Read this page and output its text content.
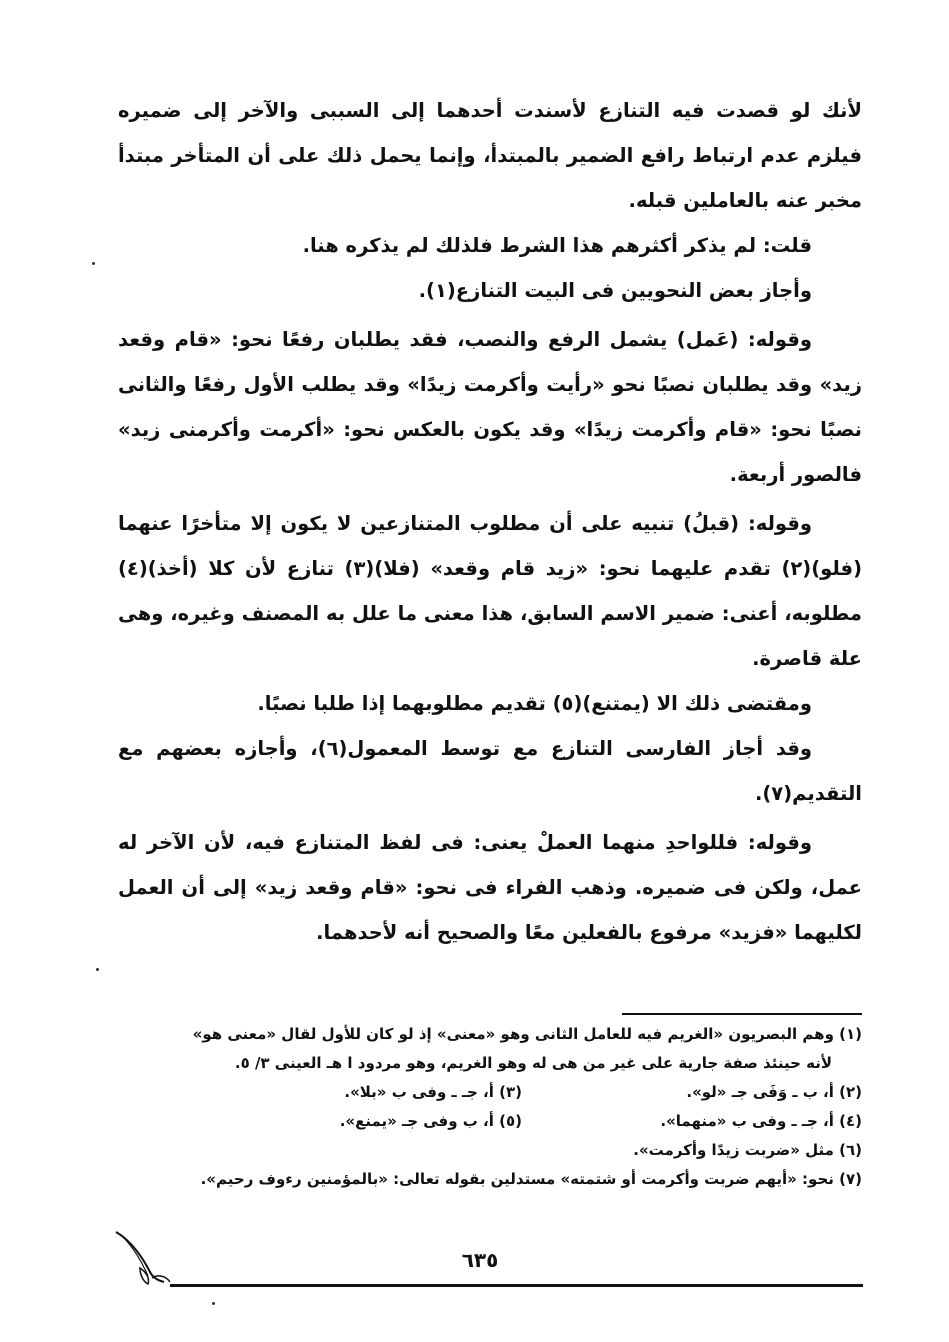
لأنك لو قصدت فيه التنازع لأسندت أحدهما إلى السببى والآخر إلى ضميره فيلزم عدم ارتباط رافع الضمير بالمبتدأ، وإنما يحمل ذلك على أن المتأخر مبتدأ مخبر عنه بالعاملين قبله.

قلت: لم يذكر أكثرهم هذا الشرط فلذلك لم يذكره هنا.

وأجاز بعض النحويين فى البيت التنازع(١).

وقوله: (عَمل) يشمل الرفع والنصب، فقد يطلبان رفعًا نحو: «قام وقعد زيد» وقد يطلبان نصبًا نحو «رأيت وأكرمت زيدًا» وقد يطلب الأول رفعًا والثانى نصبًا نحو: «قام وأكرمت زيدًا» وقد يكون بالعكس نحو: «أكرمت وأكرمنى زيد» فالصور أربعة.

وقوله: (قبلُ) تنبيه على أن مطلوب المتنازعين لا يكون إلا متأخرًا عنهما (فلو)(٢) تقدم عليهما نحو: «زيد قام وقعد» (فلا)(٣) تنازع لأن كلا (أخذ)(٤) مطلوبه، أعنى: ضمير الاسم السابق، هذا معنى ما علل به المصنف وغيره، وهى علة قاصرة.

ومقتضى ذلك الا (يمتنع)(٥) تقديم مطلوبهما إذا طلبا نصبًا.

وقد أجاز الفارسى التنازع مع توسط المعمول(٦)، وأجازه بعضهم مع التقديم(٧).

وقوله: فللواحدِ منهما العملْ يعنى: فى لفظ المتنازع فيه، لأن الآخر له عمل، ولكن فى ضميره. وذهب الفراء فى نحو: «قام وقعد زيد» إلى أن العمل لكليهما «فزيد» مرفوع بالفعلين معًا والصحيح أنه لأحدهما.

(١) وهم البصريون «الغريم فيه للعامل الثانى وهو «معنى» إذ لو كان للأول لقال «معنى هو»

لأنه حينئذ صفة جارية على غير من هى له وهو الغريم، وهو مردود ا هـ العينى ٣/ ٥.

(٢) أ، ب ـ وَفَى جـ «لو».
(٣) أ، جـ ـ وفى ب «بلا».
(٤) أ، جـ ـ وفى ب «منهما».
(٥) أ، ب وفى جـ «يمنع».

(٦) مثل «ضربت زيدًا وأكرمت».

(٧) نحو: «أيهم ضربت وأكرمت أو شتمته» مستدلين بقوله تعالى: «بالمؤمنين رءوف رحيم».

٦٣٥
